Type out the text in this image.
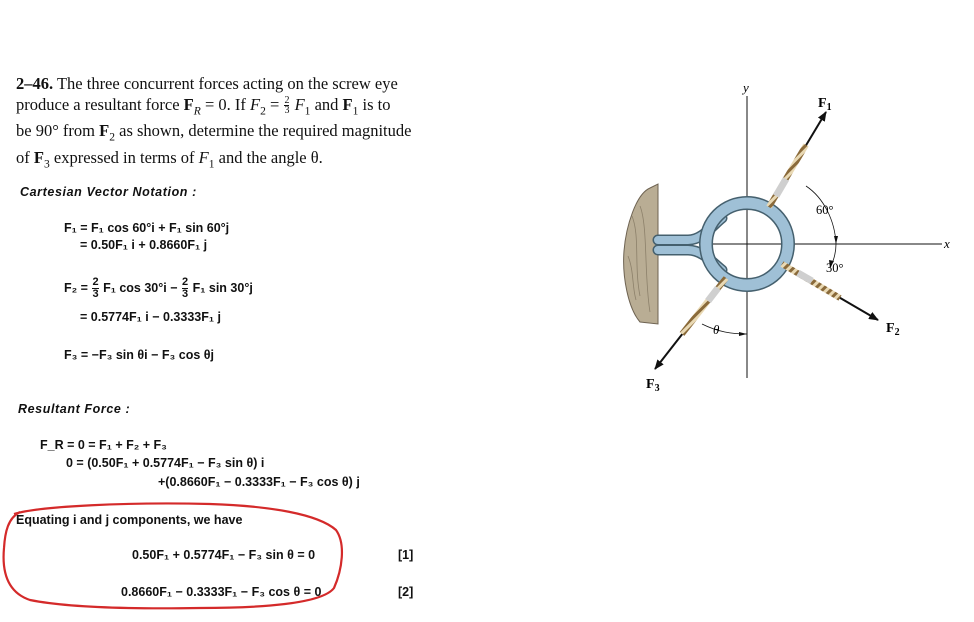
2–46. The three concurrent forces acting on the screw eye
produce a resultant force $F_R = 0$. If $F_2 = \frac{2}{3} F_1$ and $F_1$ is to
be 90° from $F_2$ as shown, determine the required magnitude
of $F_3$ expressed in terms of $F_1$ and the angle θ.
Cartesian Vector Notation :
F₁ = F₁ cos 60°i + F₁ sin 60°j
= 0.50F₁ i + 0.8660F₁ j
$F_2 = \frac{2}{3} F_1$ $\cos 30^\circ i - \frac{2}{3} F_1$ sin 30°j
= 0.5774F₁ i − 0.3333F₁ j
F₃ = −F₃ sin θi − F₃ cos θj
Resultant Force :
F_R = 0 = F₁ + F₂ + F₃
0 = (0.50F₁ + 0.5774F₁ − F₃ sin θ) i
+(0.8660F₁ − 0.3333F₁ − F₃ cos θ) j
Equating i and j components, we have
0.50F₁ + 0.5774F₁ − F₃ sin θ = 0	[1]
0.8660F₁ − 0.3333F₁ − F₃ cos θ = 0	[2]
y
x
$F_1$
$F_2$
$F_3$
60°
30°
θ
